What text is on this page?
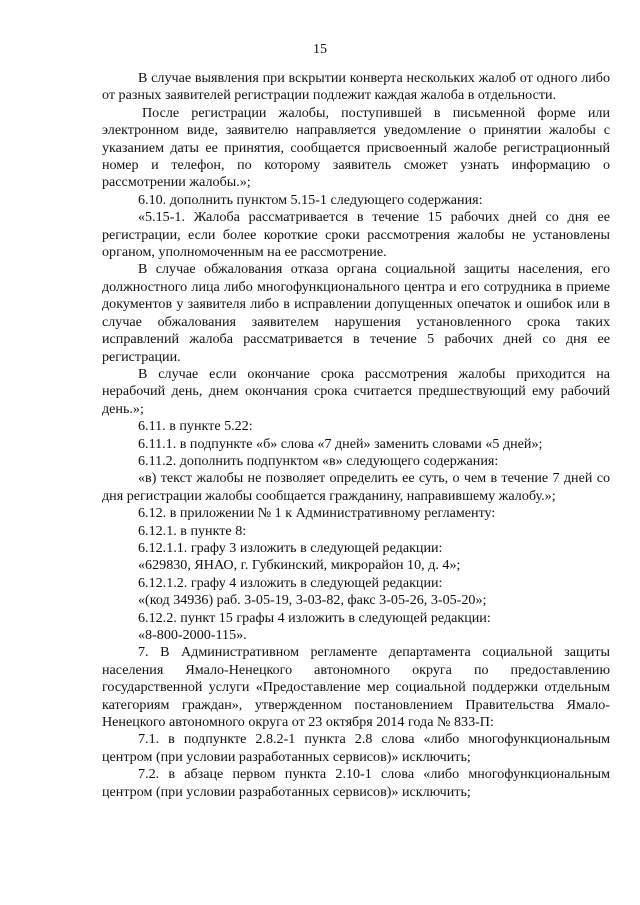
15

В случае выявления при вскрытии конверта нескольких жалоб от одного либо от разных заявителей регистрации подлежит каждая жалоба в отдельности.

После регистрации жалобы, поступившей в письменной форме или электронном виде, заявителю направляется уведомление о принятии жалобы с указанием даты ее принятия, сообщается присвоенный жалобе регистрационный номер и телефон, по которому заявитель сможет узнать информацию о рассмотрении жалобы.»;

6.10. дополнить пунктом 5.15-1 следующего содержания:

«5.15-1. Жалоба рассматривается в течение 15 рабочих дней со дня ее регистрации, если более короткие сроки рассмотрения жалобы не установлены органом, уполномоченным на ее рассмотрение.

В случае обжалования отказа органа социальной защиты населения, его должностного лица либо многофункционального центра и его сотрудника в приеме документов у заявителя либо в исправлении допущенных опечаток и ошибок или в случае обжалования заявителем нарушения установленного срока таких исправлений жалоба рассматривается в течение 5 рабочих дней со дня ее регистрации.

В случае если окончание срока рассмотрения жалобы приходится на нерабочий день, днем окончания срока считается предшествующий ему рабочий день.»;

6.11. в пункте 5.22:

6.11.1. в подпункте «б» слова «7 дней» заменить словами «5 дней»;

6.11.2. дополнить подпунктом «в» следующего содержания:

«в) текст жалобы не позволяет определить ее суть, о чем в течение 7 дней со дня регистрации жалобы сообщается гражданину, направившему жалобу.»;

6.12. в приложении № 1 к Административному регламенту:

6.12.1. в пункте 8:

6.12.1.1. графу 3 изложить в следующей редакции:

«629830, ЯНАО, г. Губкинский, микрорайон 10, д. 4»;

6.12.1.2. графу 4 изложить в следующей редакции:

«(код 34936) раб. 3-05-19, 3-03-82, факс 3-05-26, 3-05-20»;

6.12.2. пункт 15 графы 4 изложить в следующей редакции:

«8-800-2000-115».

7. В Административном регламенте департамента социальной защиты населения Ямало-Ненецкого автономного округа по предоставлению государственной услуги «Предоставление мер социальной поддержки отдельным категориям граждан», утвержденном постановлением Правительства Ямало-Ненецкого автономного округа от 23 октября 2014 года № 833-П:

7.1. в подпункте 2.8.2-1 пункта 2.8 слова «либо многофункциональным центром (при условии разработанных сервисов)» исключить;

7.2. в абзаце первом пункта 2.10-1 слова «либо многофункциональным центром (при условии разработанных сервисов)» исключить;
